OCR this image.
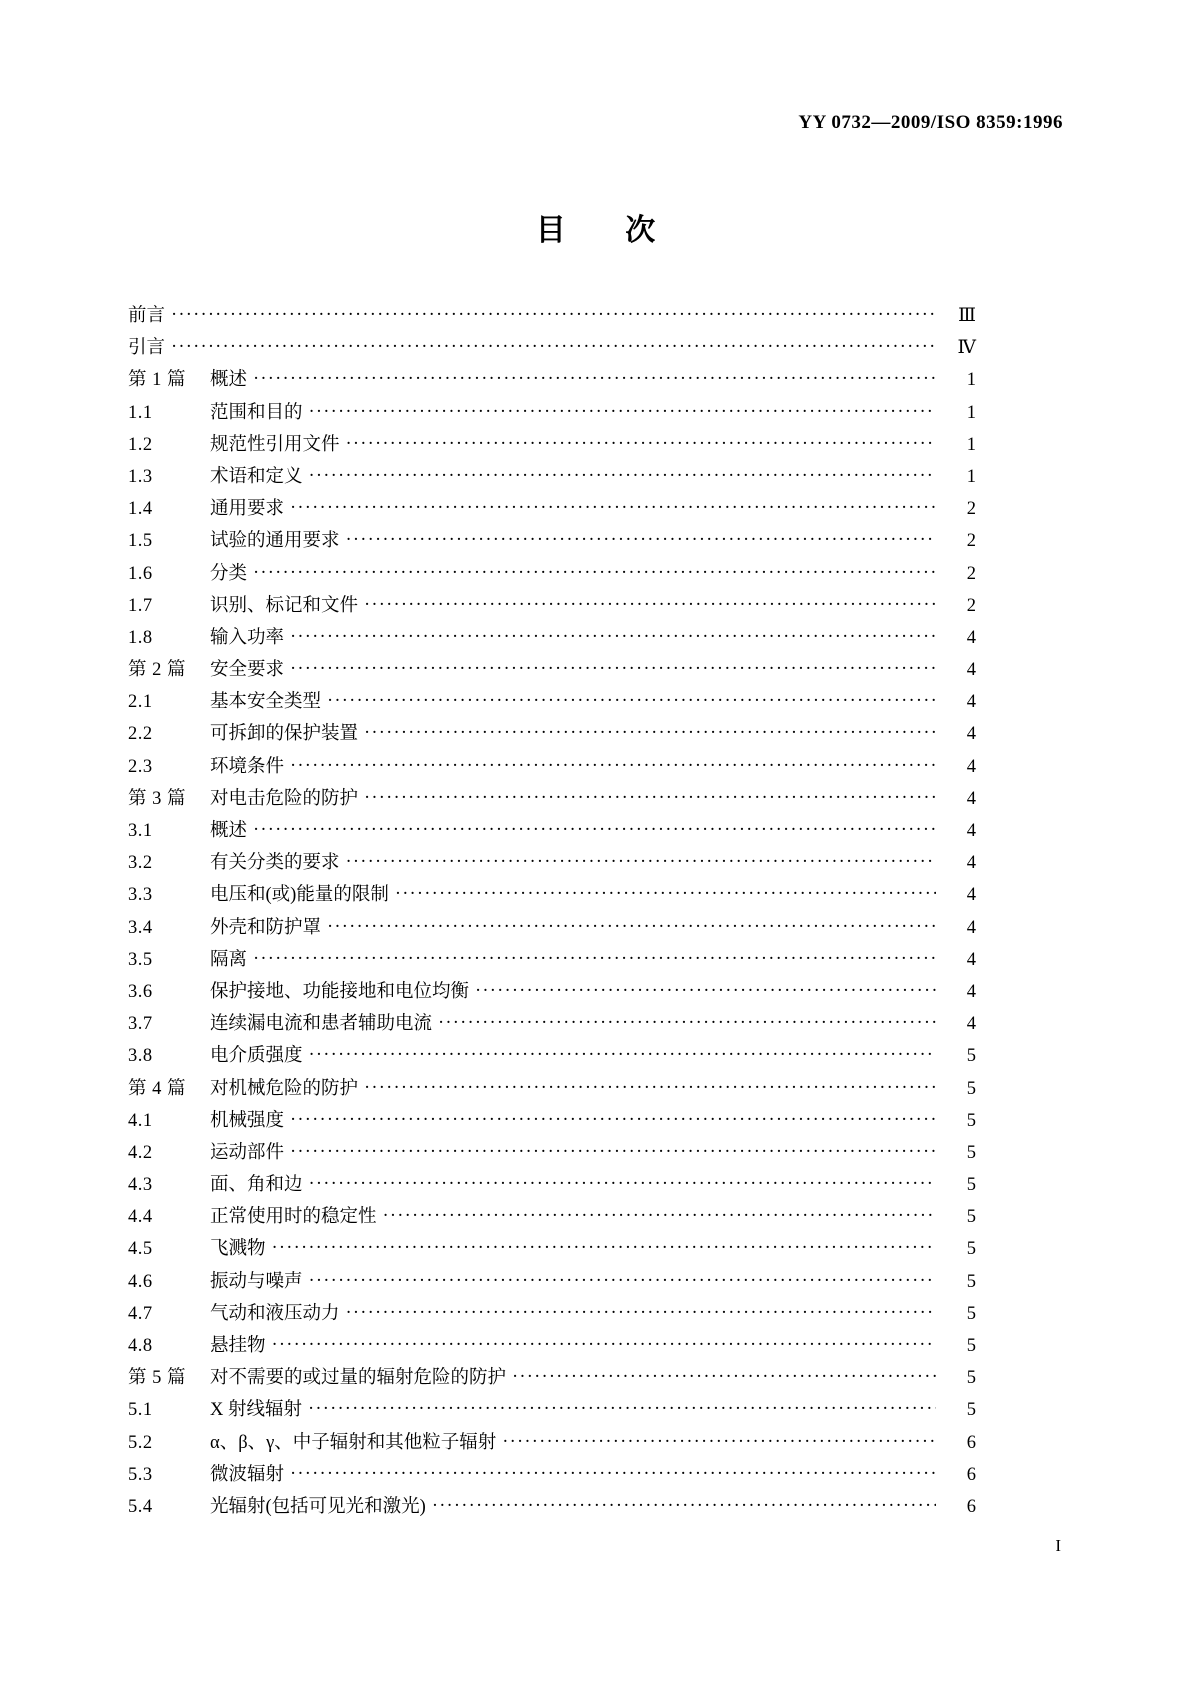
YY 0732—2009/ISO 8359:1996
目 次
前言 ·····	Ⅲ
引言 ·····	Ⅳ
第 1 篇	概述 ·····	1
1.1	范围和目的 ·····	1
1.2	规范性引用文件 ·····	1
1.3	术语和定义 ·····	1
1.4	通用要求 ·····	2
1.5	试验的通用要求 ·····	2
1.6	分类 ·····	2
1.7	识别、标记和文件 ·····	2
1.8	输入功率 ·····	4
第 2 篇	安全要求 ·····	4
2.1	基本安全类型 ·····	4
2.2	可拆卸的保护装置 ·····	4
2.3	环境条件 ·····	4
第 3 篇	对电击危险的防护 ·····	4
3.1	概述 ·····	4
3.2	有关分类的要求 ·····	4
3.3	电压和(或)能量的限制 ·····	4
3.4	外壳和防护罩 ·····	4
3.5	隔离 ·····	4
3.6	保护接地、功能接地和电位均衡 ·····	4
3.7	连续漏电流和患者辅助电流 ·····	4
3.8	电介质强度 ·····	5
第 4 篇	对机械危险的防护 ·····	5
4.1	机械强度 ·····	5
4.2	运动部件 ·····	5
4.3	面、角和边 ·····	5
4.4	正常使用时的稳定性 ·····	5
4.5	飞溅物 ·····	5
4.6	振动与噪声 ·····	5
4.7	气动和液压动力 ·····	5
4.8	悬挂物 ·····	5
第 5 篇	对不需要的或过量的辐射危险的防护 ·····	5
5.1	X 射线辐射 ·····	5
5.2	α、β、γ、中子辐射和其他粒子辐射 ·····	6
5.3	微波辐射 ·····	6
5.4	光辐射(包括可见光和激光) ·····	6
I
